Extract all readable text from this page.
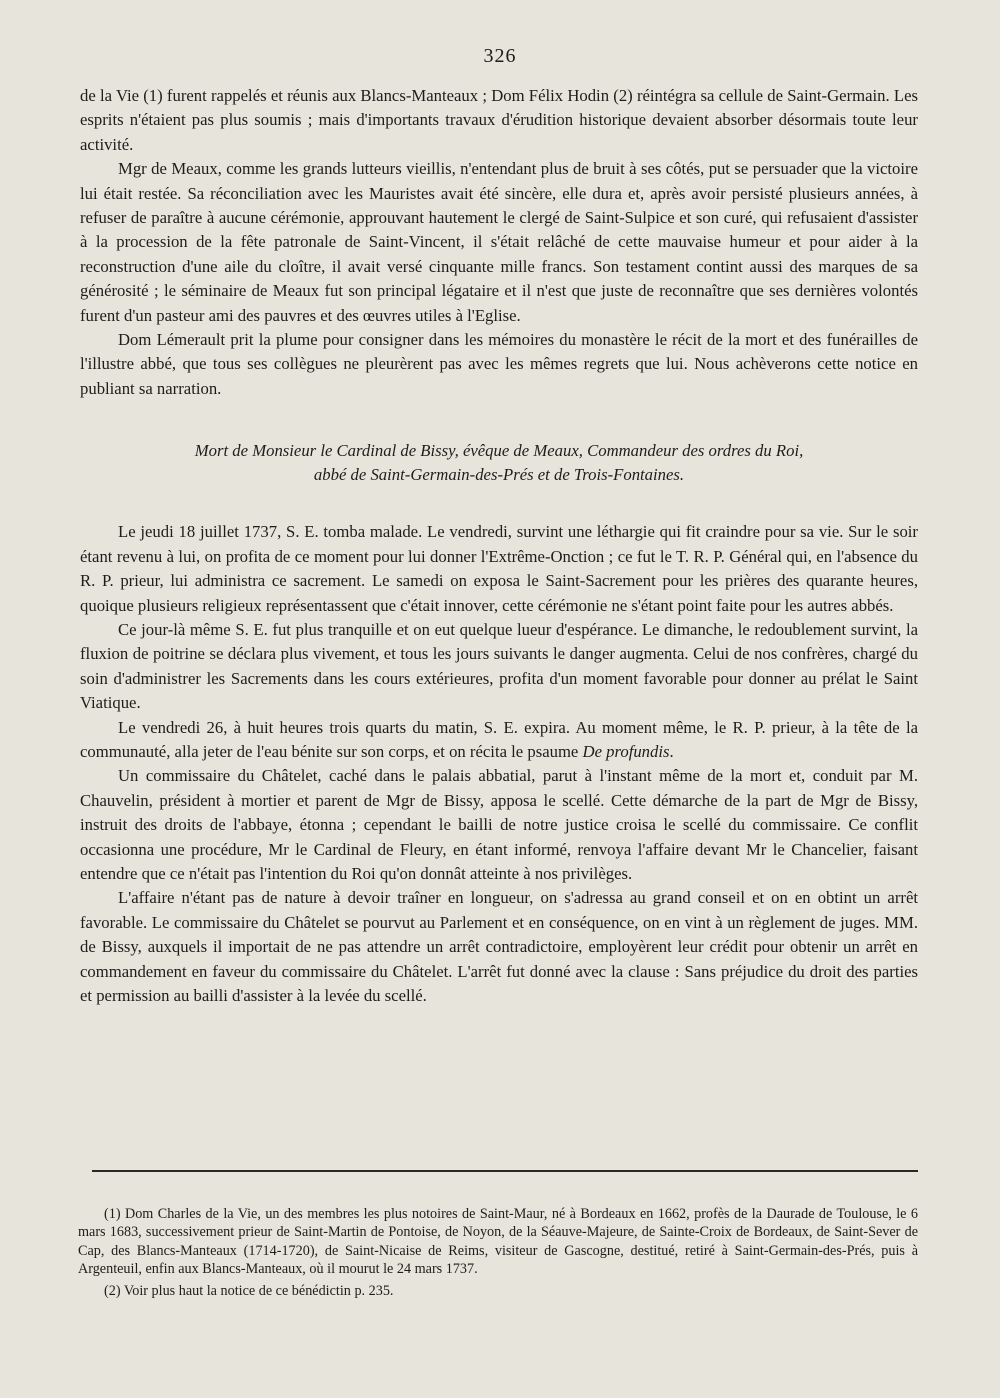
326

de la Vie (1) furent rappelés et réunis aux Blancs-Manteaux ; Dom Félix Hodin (2) réintégra sa cellule de Saint-Germain. Les esprits n'étaient pas plus soumis ; mais d'importants travaux d'érudition historique devaient absorber désormais toute leur activité.

Mgr de Meaux, comme les grands lutteurs vieillis, n'entendant plus de bruit à ses côtés, put se persuader que la victoire lui était restée. Sa réconciliation avec les Mauristes avait été sincère, elle dura et, après avoir persisté plusieurs années, à refuser de paraître à aucune cérémonie, approuvant hautement le clergé de Saint-Sulpice et son curé, qui refusaient d'assister à la procession de la fête patronale de Saint-Vincent, il s'était relâché de cette mauvaise humeur et pour aider à la reconstruction d'une aile du cloître, il avait versé cinquante mille francs. Son testament contint aussi des marques de sa générosité ; le séminaire de Meaux fut son principal légataire et il n'est que juste de reconnaître que ses dernières volontés furent d'un pasteur ami des pauvres et des œuvres utiles à l'Eglise.

Dom Lémerault prit la plume pour consigner dans les mémoires du monastère le récit de la mort et des funérailles de l'illustre abbé, que tous ses collègues ne pleurèrent pas avec les mêmes regrets que lui. Nous achèverons cette notice en publiant sa narration.

Mort de Monsieur le Cardinal de Bissy, évêque de Meaux, Commandeur des ordres du Roi,
abbé de Saint-Germain-des-Prés et de Trois-Fontaines.

Le jeudi 18 juillet 1737, S. E. tomba malade. Le vendredi, survint une léthargie qui fit craindre pour sa vie. Sur le soir étant revenu à lui, on profita de ce moment pour lui donner l'Extrême-Onction ; ce fut le T. R. P. Général qui, en l'absence du R. P. prieur, lui administra ce sacrement. Le samedi on exposa le Saint-Sacrement pour les prières des quarante heures, quoique plusieurs religieux représentassent que c'était innover, cette cérémonie ne s'étant point faite pour les autres abbés.

Ce jour-là même S. E. fut plus tranquille et on eut quelque lueur d'espérance. Le dimanche, le redoublement survint, la fluxion de poitrine se déclara plus vivement, et tous les jours suivants le danger augmenta. Celui de nos confrères, chargé du soin d'administrer les Sacrements dans les cours extérieures, profita d'un moment favorable pour donner au prélat le Saint Viatique.

Le vendredi 26, à huit heures trois quarts du matin, S. E. expira. Au moment même, le R. P. prieur, à la tête de la communauté, alla jeter de l'eau bénite sur son corps, et on récita le psaume De profundis.

Un commissaire du Châtelet, caché dans le palais abbatial, parut à l'instant même de la mort et, conduit par M. Chauvelin, président à mortier et parent de Mgr de Bissy, apposa le scellé. Cette démarche de la part de Mgr de Bissy, instruit des droits de l'abbaye, étonna ; cependant le bailli de notre justice croisa le scellé du commissaire. Ce conflit occasionna une procédure, Mr le Cardinal de Fleury, en étant informé, renvoya l'affaire devant Mr le Chancelier, faisant entendre que ce n'était pas l'intention du Roi qu'on donnât atteinte à nos privilèges.

L'affaire n'étant pas de nature à devoir traîner en longueur, on s'adressa au grand conseil et on en obtint un arrêt favorable. Le commissaire du Châtelet se pourvut au Parlement et en conséquence, on en vint à un règlement de juges. MM. de Bissy, auxquels il importait de ne pas attendre un arrêt contradictoire, employèrent leur crédit pour obtenir un arrêt en commandement en faveur du commissaire du Châtelet. L'arrêt fut donné avec la clause : Sans préjudice du droit des parties et permission au bailli d'assister à la levée du scellé.

(1) Dom Charles de la Vie, un des membres les plus notoires de Saint-Maur, né à Bordeaux en 1662, profès de la Daurade de Toulouse, le 6 mars 1683, successivement prieur de Saint-Martin de Pontoise, de Noyon, de la Séauve-Majeure, de Sainte-Croix de Bordeaux, de Saint-Sever de Cap, des Blancs-Manteaux (1714-1720), de Saint-Nicaise de Reims, visiteur de Gascogne, destitué, retiré à Saint-Germain-des-Prés, puis à Argenteuil, enfin aux Blancs-Manteaux, où il mourut le 24 mars 1737.

(2) Voir plus haut la notice de ce bénédictin p. 235.
